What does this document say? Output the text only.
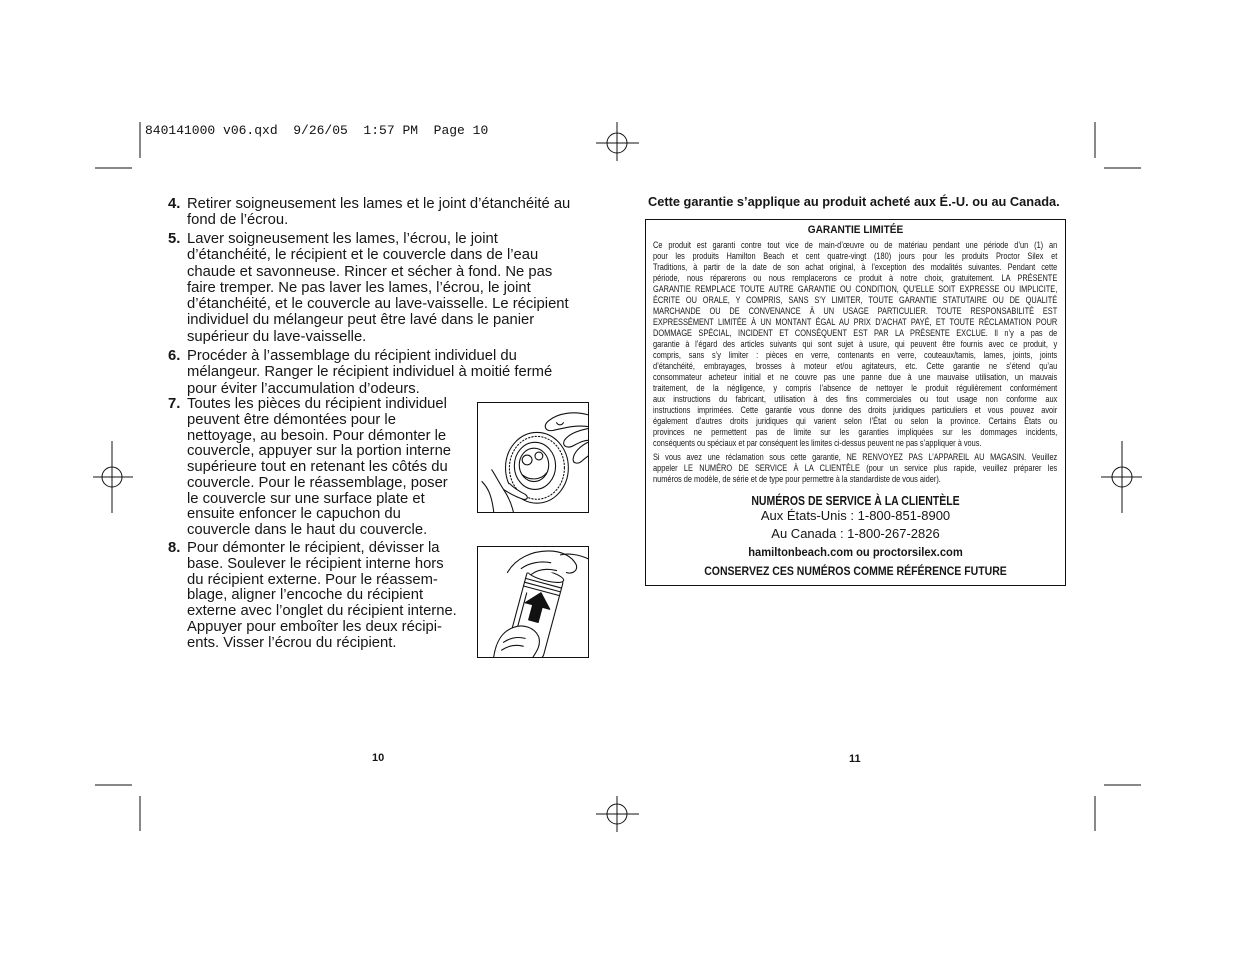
840141000 v06.qxd  9/26/05  1:57 PM  Page 10
4. Retirer soigneusement les lames et le joint d’étanchéité au
fond de l’écrou.
5. Laver soigneusement les lames, l’écrou, le joint
d’étanchéité, le récipient et le couvercle dans de l’eau
chaude et savonneuse. Rincer et sécher à fond. Ne pas
faire tremper. Ne pas laver les lames, l’écrou, le joint
d’étanchéité, et le couvercle au lave-vaisselle. Le récipient
individuel du mélangeur peut être lavé dans le panier
supérieur du lave-vaisselle.
6. Procéder à l’assemblage du récipient individuel du
mélangeur. Ranger le récipient individuel à moitié fermé
pour éviter l’accumulation d’odeurs.
7. Toutes les pièces du récipient individuel
peuvent être démontées pour le
nettoyage, au besoin. Pour démonter le
couvercle, appuyer sur la portion interne
supérieure tout en retenant les côtés du
couvercle. Pour le réassemblage, poser
le couvercle sur une surface plate et
ensuite enfoncer le capuchon du
couvercle dans le haut du couvercle.
8. Pour démonter le récipient, dévisser la
base. Soulever le récipient interne hors
du récipient externe. Pour le réassem-
blage, aligner l’encoche du récipient
externe avec l’onglet du récipient interne.
Appuyer pour emboîter les deux récipi-
ents. Visser l’écrou du récipient.
10
Cette garantie s’applique au produit acheté aux É.-U. ou au Canada.
GARANTIE LIMITÉE
Ce produit est garanti contre tout vice de main-d’œuvre ou de matériau pendant une période d’un (1) an
pour les produits Hamilton Beach et cent quatre-vingt (180) jours pour les produits Proctor Silex et
Traditions, à partir de la date de son achat original, à l’exception des modalités suivantes. Pendant cette
période, nous réparerons ou nous remplacerons ce produit à notre choix, gratuitement. LA PRÉSENTE
GARANTIE REMPLACE TOUTE AUTRE GARANTIE OU CONDITION, QU’ELLE SOIT EXPRESSE OU IMPLICITE,
ÉCRITE OU ORALE, Y COMPRIS, SANS S’Y LIMITER, TOUTE GARANTIE STATUTAIRE OU DE QUALITÉ
MARCHANDE OU DE CONVENANCE À UN USAGE PARTICULIER. TOUTE RESPONSABILITÉ EST
EXPRESSÉMENT LIMITÉE À UN MONTANT ÉGAL AU PRIX D’ACHAT PAYÉ, ET TOUTE RÉCLAMATION POUR
DOMMAGE SPÉCIAL, INCIDENT ET CONSÉQUENT EST PAR LA PRÉSENTE EXCLUE. Il n’y a pas de
garantie à l’égard des articles suivants qui sont sujet à usure, qui peuvent être fournis avec ce produit, y
compris, sans s’y limiter : pièces en verre, contenants en verre, couteaux/tamis, lames, joints, joints
d’étanchéité, embrayages, brosses à moteur et/ou agitateurs, etc. Cette garantie ne s’étend qu’au
consommateur acheteur initial et ne couvre pas une panne due à une mauvaise utilisation, un mauvais
traitement, de la négligence, y compris l’absence de nettoyer le produit régulièrement conformément
aux instructions du fabricant, utilisation à des fins commerciales ou tout usage non conforme aux
instructions imprimées. Cette garantie vous donne des droits juridiques particuliers et vous pouvez avoir
également d’autres droits juridiques qui varient selon l’État ou selon la province. Certains États ou
provinces ne permettent pas de limite sur les garanties impliquées sur les dommages incidents,
conséquents ou spéciaux et par conséquent les limites ci-dessus peuvent ne pas s’appliquer à vous.
Si vous avez une réclamation sous cette garantie, NE RENVOYEZ PAS L’APPAREIL AU MAGASIN. Veuillez
appeler LE NUMÉRO DE SERVICE À LA CLIENTÈLE (pour un service plus rapide, veuillez préparer les
numéros de modèle, de série et de type pour permettre à la standardiste de vous aider).
NUMÉROS DE SERVICE À LA CLIENTÈLE
Aux États-Unis : 1-800-851-8900
Au Canada : 1-800-267-2826
hamiltonbeach.com ou proctorsilex.com
CONSERVEZ CES NUMÉROS COMME RÉFÉRENCE FUTURE
11
